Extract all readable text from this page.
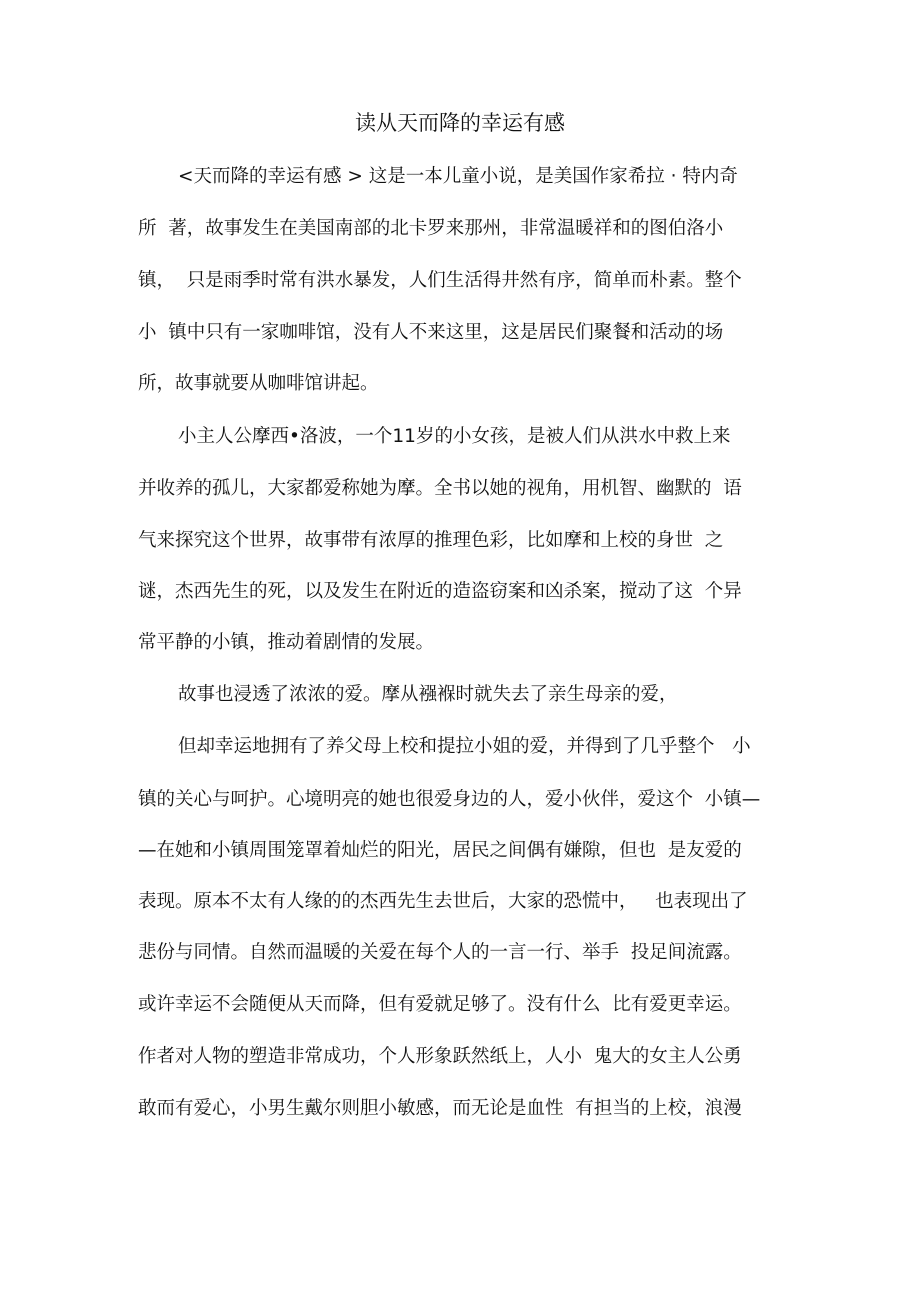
读从天而降的幸运有感
<天而降的幸运有感 > 这是一本儿童小说，是美国作家希拉 · 特内奇
所  著，故事发生在美国南部的北卡罗来那州，非常温暖祥和的图伯洛小
镇，  只是雨季时常有洪水暴发，人们生活得井然有序，简单而朴素。整个
小  镇中只有一家咖啡馆，没有人不来这里，这是居民们聚餐和活动的场
所，故事就要从咖啡馆讲起。
小主人公摩西•洛波，一个11岁的小女孩，是被人们从洪水中救上来
并收养的孤儿，大家都爱称她为摩。全书以她的视角，用机智、幽默的  语
气来探究这个世界，故事带有浓厚的推理色彩，比如摩和上校的身世  之
谜，杰西先生的死，以及发生在附近的造盗窃案和凶杀案，搅动了这  个异
常平静的小镇，推动着剧情的发展。
故事也浸透了浓浓的爱。摩从襁褓时就失去了亲生母亲的爱，
但却幸运地拥有了养父母上校和提拉小姐的爱，并得到了几乎整个   小
镇的关心与呵护。心境明亮的她也很爱身边的人，爱小伙伴，爱这个  小镇—
—在她和小镇周围笼罩着灿烂的阳光，居民之间偶有嫌隙，但也  是友爱的
表现。原本不太有人缘的的杰西先生去世后，大家的恐慌中，   也表现出了
悲份与同情。自然而温暖的关爱在每个人的一言一行、举手  投足间流露。
或许幸运不会随便从天而降，但有爱就足够了。没有什么  比有爱更幸运。
作者对人物的塑造非常成功，个人形象跃然纸上，人小  鬼大的女主人公勇
敢而有爱心，小男生戴尔则胆小敏感，而无论是血性  有担当的上校，浪漫
